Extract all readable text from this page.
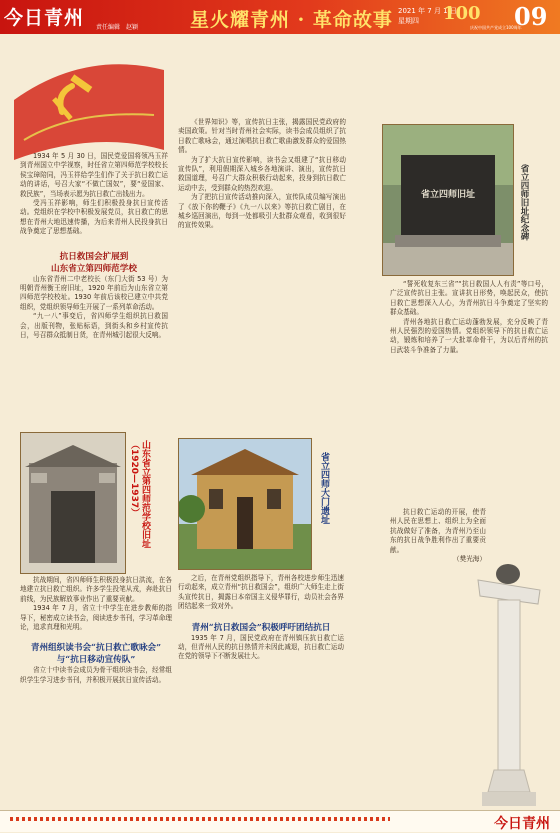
今日青州 责任编辑　赵颖	星火耀青州 · 革命故事 2021 年 7 月 1 日
星期四	100
庆祝中国共产党成立100周年
09

1934 年 5 月 30 日，国民党爱国将领冯玉祥到青州国立中学视察，时任省立第四师范学校校长侯宝璋陪同，冯玉祥给学生们作了关于抗日救亡运动的讲话，号召大家“不做亡国奴”，要“爱国家、救民族”，当场表示愿为抗日救亡出钱出力。

受冯玉祥影响，师生们积极投身抗日宣传活动。党组织在学校中积极发展党员，抗日救亡的思想在青州大地迅速传播，为后来青州人民投身抗日战争奠定了思想基础。

抗日救国会扩展到
山东省立第四师范学校

山东省青州二中老校长（东门大街 53 号）为明朝青州衡王府旧址，1920 年前后为山东省立第四师范学校校址。1930 年前后该校已建立中共党组织，党组织领导师生开展了一系列革命活动。

“九一八”事变后，省四师学生组织抗日救国会，出版刊物，张贴标语，到街头和乡村宣传抗日，号召群众抵制日货，在青州城引起很大反响。

山东省立第四师范学校旧址（1920—1937）	省立四师大门遗址

抗战期间，省四师师生积极投身抗日洪流，在各地建立抗日救亡组织。许多学生投笔从戎，奔赴抗日前线，为民族解放事业作出了重要贡献。

1934 年 7 月，省立十中学生在进步教师的指导下，秘密成立读书会，阅读进步书刊，学习革命理论，追求真理和光明。

青州组织读书会“抗日救亡歌咏会”
与“抗日移动宣传队”

省立十中读书会成员为骨干组织读书会，经常组织学生学习进步书刊，并积极开展抗日宣传活动。

《世界知识》等，宣传抗日主张，揭露国民党政府的卖国政策。针对当时青州社会实际，读书会成员组织了抗日救亡歌咏会，通过演唱抗日救亡歌曲激发群众的爱国热情。

为了扩大抗日宣传影响，读书会又组建了“抗日移动宣传队”，利用假期深入城乡各地演讲、演出，宣传抗日救国道理，号召广大群众积极行动起来，投身到抗日救亡运动中去，受到群众的热烈欢迎。

为了把抗日宣传活动推向深入，宣传队成员编写演出了《放下你的鞭子》《九一八以来》等抗日救亡剧目，在城乡巡回演出，每到一处都吸引大批群众观看，收到很好的宣传效果。

之后，在青州党组织指导下，青州各校进步师生迅速行动起来，成立青州“抗日救国会”，组织广大师生走上街头宣传抗日，揭露日本帝国主义侵华罪行，动员社会各界团结起来一致对外。

青州“抗日救国会”积极呼吁团结抗日

1935 年 7 月，国民党政府在青州镇压抗日救亡运动，但青州人民的抗日热情并未因此减退，抗日救亡运动在党的领导下不断发展壮大。

省立四师旧址	省立四师旧址纪念碑

“誓死收复东三省”“抗日救国人人有责”等口号，广泛宣传抗日主张。宣讲抗日形势，唤起民众，使抗日救亡思想深入人心，为青州抗日斗争奠定了坚实的群众基础。

青州各地抗日救亡运动蓬勃发展，充分反映了青州人民强烈的爱国热情。党组织领导下的抗日救亡运动，锻炼和培养了一大批革命骨干，为以后青州的抗日武装斗争准备了力量。

抗日救亡运动的开展，使青州人民在思想上、组织上为全面抗战做好了准备，为青州乃至山东的抗日战争胜利作出了重要贡献。

（樊光海）
今日青州
